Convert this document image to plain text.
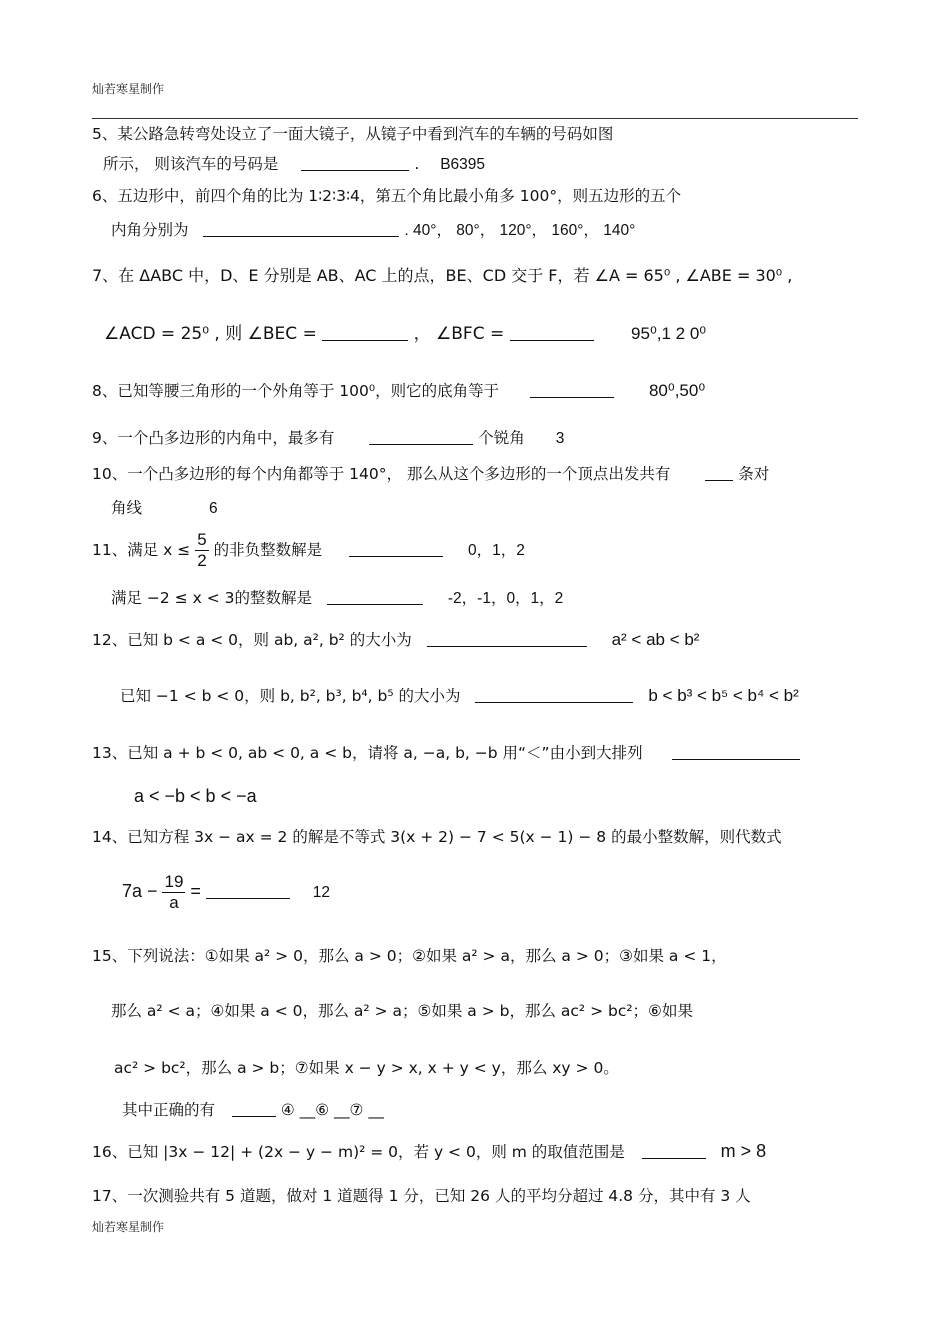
灿若寒星制作
5、某公路急转弯处设立了一面大镜子，从镜子中看到汽车的车辆的号码如图
所示， 则该汽车的号码是	. B6395
6、五边形中，前四个角的比为 1∶2∶3∶4，第五个角比最小角多 100°，则五边形的五个
内角分别为	. 40°， 80°， 120°， 160°， 140°
7、在 ΔABC 中，D、E 分别是 AB、AC 上的点，BE、CD 交于 F，若 ∠A = 65⁰ , ∠ABE = 30⁰ ,
∠ACD = 25⁰ , 则 ∠BEC =	， ∠BFC =	95⁰,1 2 0⁰
8、已知等腰三角形的一个外角等于 100⁰，则它的底角等于	80⁰,50⁰
9、一个凸多边形的内角中，最多有	个锐角 3
10、一个凸多边形的每个内角都等于 140°， 那么从这个多边形的一个顶点出发共有	条对
角线	6
11、满足 $x \le \frac{5}{2}$ 的非负整数解是	0，1，2
满足 −2 ≤ x < 3的整数解是	-2，-1，0，1，2
12、已知 b < a < 0，则 ab, a², b² 的大小为	a² < ab < b²
已知 −1 < b < 0，则 b, b², b³, b⁴, b⁵ 的大小为	b < b³ < b⁵ < b⁴ < b²
13、已知 a + b < 0, ab < 0, a < b，请将 a, −a, b, −b 用“＜”由小到大排列
a < −b < b < −a
14、已知方程 3x − ax = 2 的解是不等式 3(x + 2) − 7 < 5(x − 1) − 8 的最小整数解，则代数式
$7a - \frac{19}{a}$ =	12
15、下列说法：①如果 a² > 0，那么 a > 0；②如果 a² > a，那么 a > 0；③如果 a < 1，
那么 a² < a；④如果 a < 0，那么 a² > a；⑤如果 a > b，那么 ac² > bc²；⑥如果
ac² > bc²，那么 a > b；⑦如果 x − y > x, x + y < y，那么 xy > 0。
其中正确的有	④ __⑥ __⑦ __
16、已知 |3x − 12| + (2x − y − m)² = 0，若 y < 0，则 m 的取值范围是	m > 8
17、一次测验共有 5 道题，做对 1 道题得 1 分，已知 26 人的平均分超过 4.8 分，其中有 3 人
灿若寒星制作
